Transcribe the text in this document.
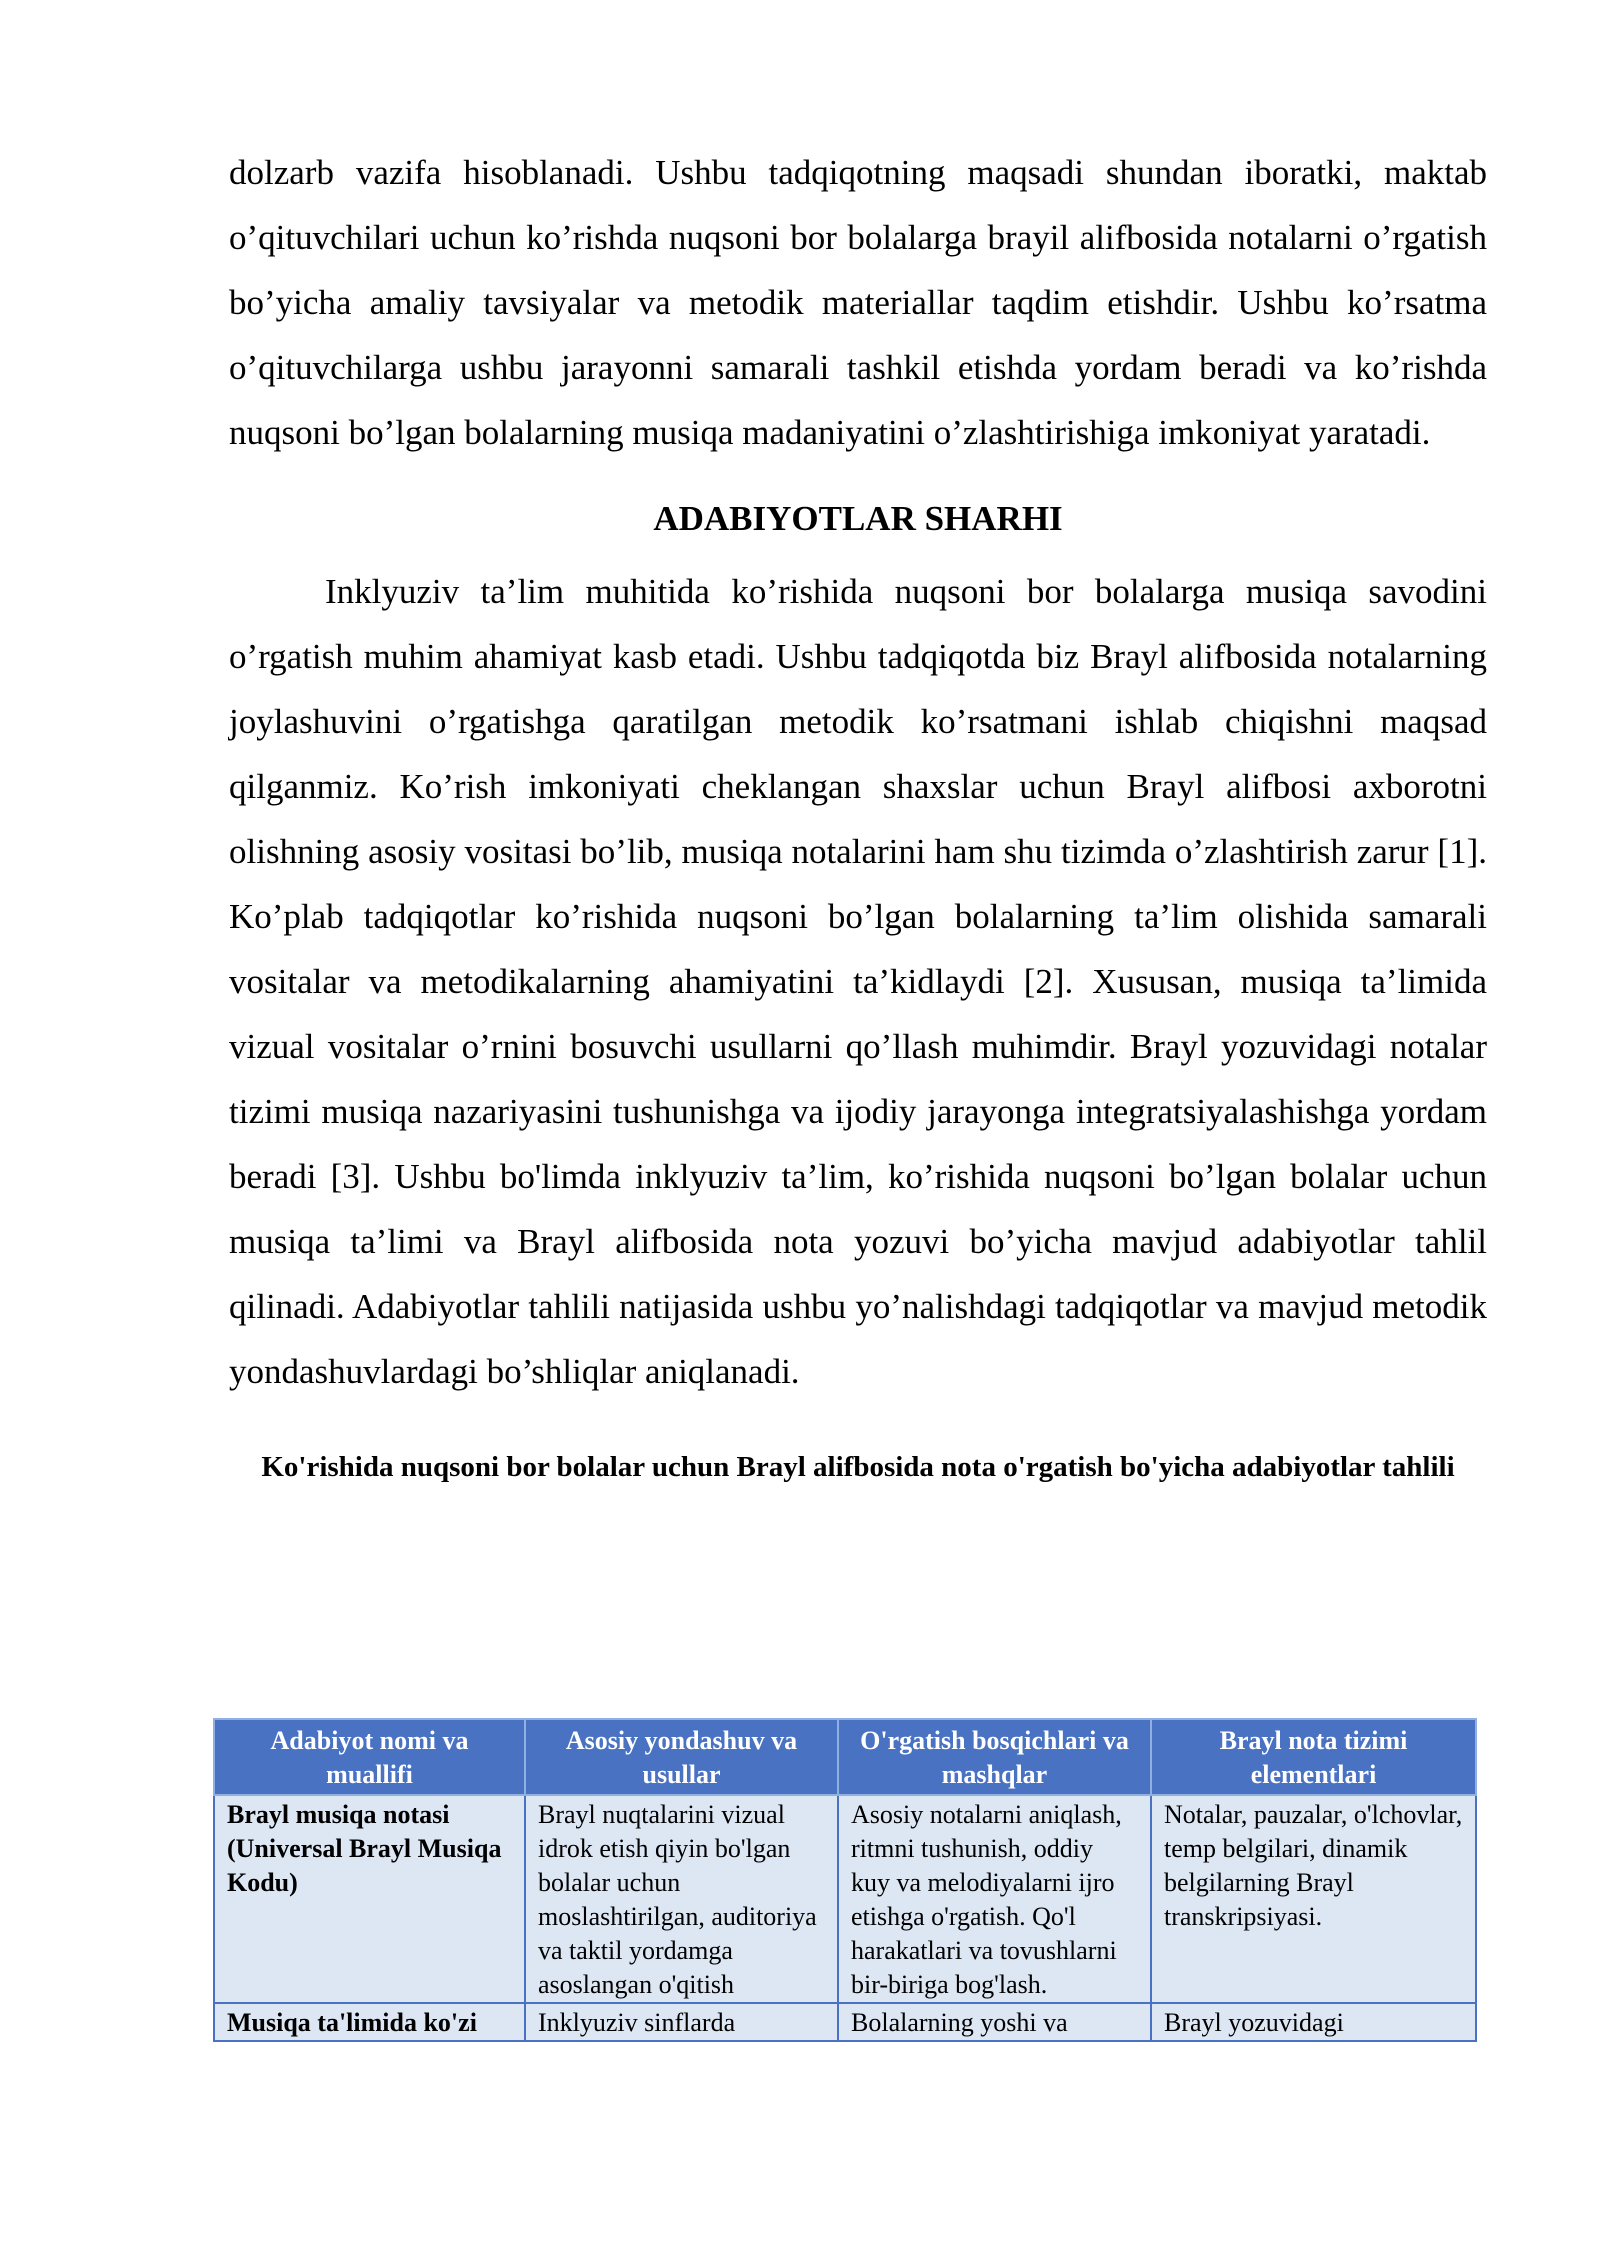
dolzarb vazifa hisoblanadi. Ushbu tadqiqotning maqsadi shundan iboratki, maktab o’qituvchilari uchun ko’rishda nuqsoni bor bolalarga brayil alifbosida notalarni o’rgatish bo’yicha amaliy tavsiyalar va metodik materiallar taqdim etishdir. Ushbu ko’rsatma o’qituvchilarga ushbu jarayonni samarali tashkil etishda yordam beradi va ko’rishda nuqsoni bo’lgan bolalarning musiqa madaniyatini o’zlashtirishiga imkoniyat yaratadi.

ADABIYOTLAR SHARHI

Inklyuziv ta’lim muhitida ko’rishida nuqsoni bor bolalarga musiqa savodini o’rgatish muhim ahamiyat kasb etadi. Ushbu tadqiqotda biz Brayl alifbosida notalarning joylashuvini o’rgatishga qaratilgan metodik ko’rsatmani ishlab chiqishni maqsad qilganmiz. Ko’rish imkoniyati cheklangan shaxslar uchun Brayl alifbosi axborotni olishning asosiy vositasi bo’lib, musiqa notalarini ham shu tizimda o’zlashtirish zarur [1]. Ko’plab tadqiqotlar ko’rishida nuqsoni bo’lgan bolalarning ta’lim olishida samarali vositalar va metodikalarning ahamiyatini ta’kidlaydi [2]. Xususan, musiqa ta’limida vizual vositalar o’rnini bosuvchi usullarni qo’llash muhimdir. Brayl yozuvidagi notalar tizimi musiqa nazariyasini tushunishga va ijodiy jarayonga integratsiyalashishga yordam beradi [3]. Ushbu bo'limda inklyuziv ta’lim, ko’rishida nuqsoni bo’lgan bolalar uchun musiqa ta’limi va Brayl alifbosida nota yozuvi bo’yicha mavjud adabiyotlar tahlil qilinadi. Adabiyotlar tahlili natijasida ushbu yo’nalishdagi tadqiqotlar va mavjud metodik yondashuvlardagi bo’shliqlar aniqlanadi.

Ko'rishida nuqsoni bor bolalar uchun Brayl alifbosida nota o'rgatish bo'yicha adabiyotlar tahlili

Adabiyot nomi va muallifi	Asosiy yondashuv va usullar	O'rgatish bosqichlari va mashqlar	Brayl nota tizimi elementlari
Brayl musiqa notasi (Universal Brayl Musiqa Kodu)	Brayl nuqtalarini vizual idrok etish qiyin bo'lgan bolalar uchun moslashtirilgan, auditoriya va taktil yordamga asoslangan o'qitish	Asosiy notalarni aniqlash, ritmni tushunish, oddiy kuy va melodiyalarni ijro etishga o'rgatish. Qo'l harakatlari va tovushlarni bir-biriga bog'lash.	Notalar, pauzalar, o'lchovlar, temp belgilari, dinamik belgilarning Brayl transkripsiyasi.

Musiqa ta'limida ko'zi	Inklyuziv sinflarda	Bolalarning yoshi va	Brayl yozuvidagi
